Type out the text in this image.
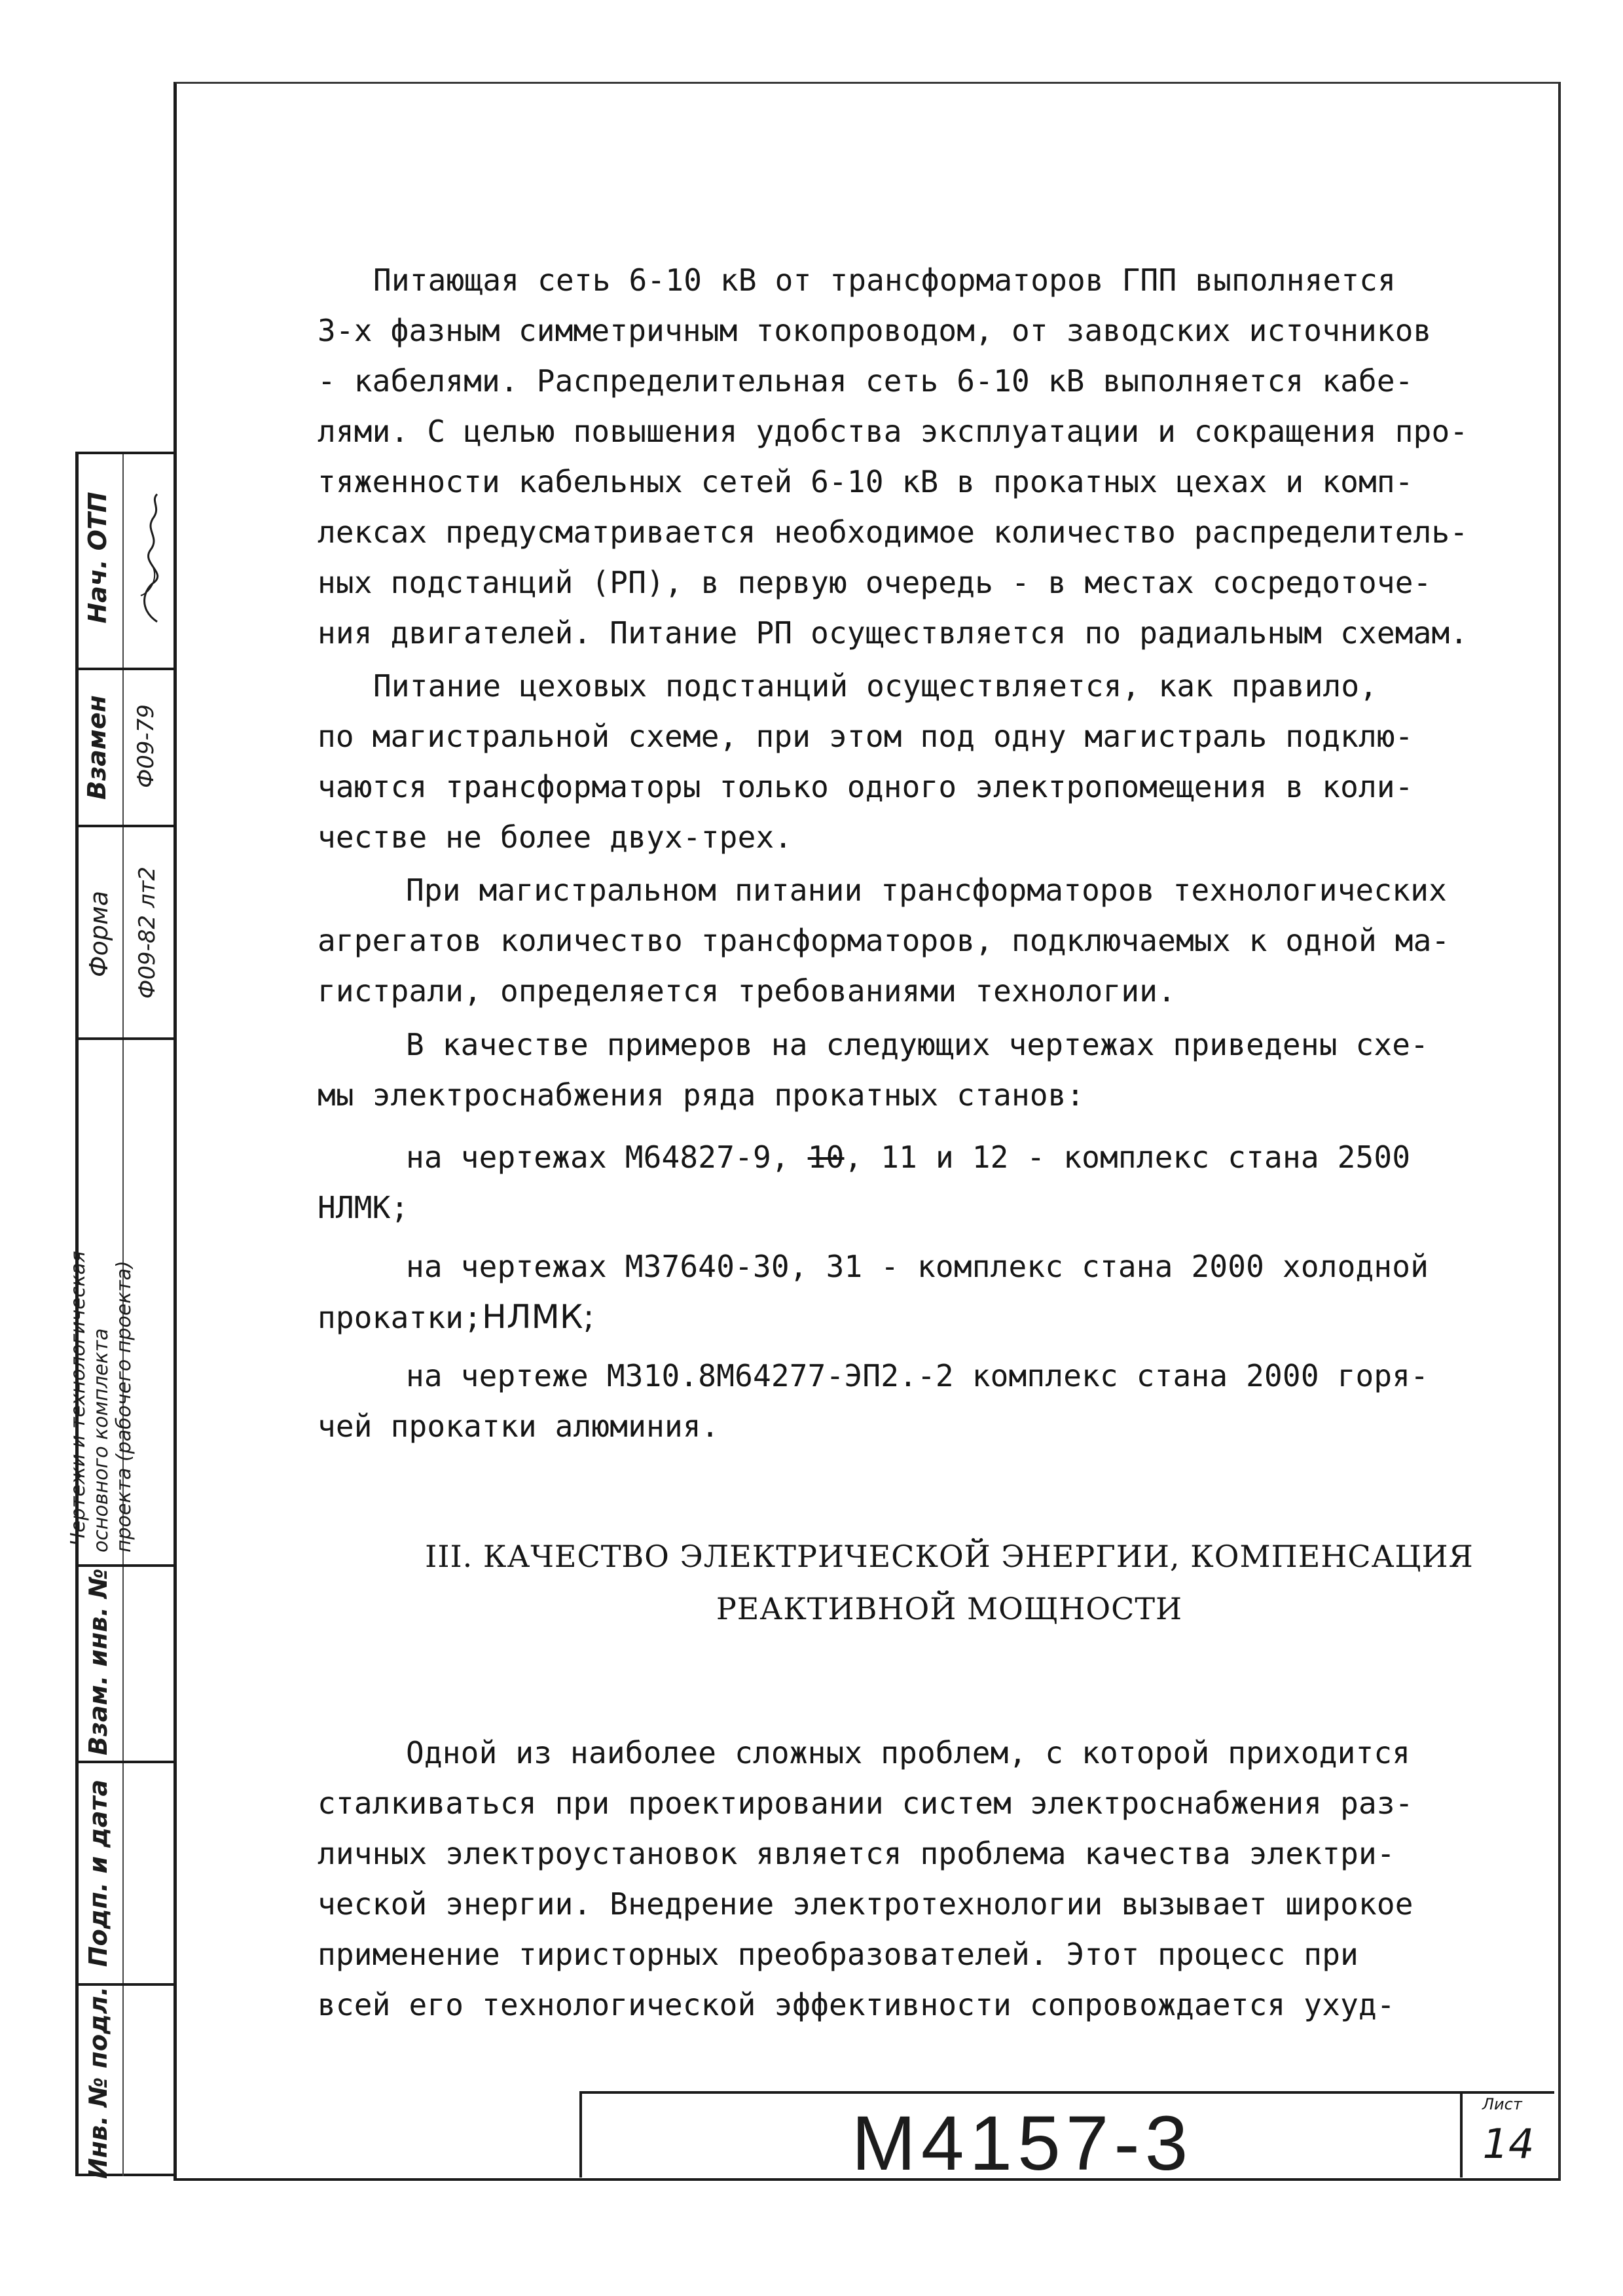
Нач. ОТП
Взамен Ф09-79
Форма Ф09-82 лт2
Чертежи и технологическая основного комплекта проекта (рабочего проекта)
Взам. инв. №
Подп. и дата
Инв. № подл.
Питающая сеть 6-10 кВ от трансформаторов ГПП выполняется
3-х фазным симметричным токопроводом, от заводских источников
- кабелями. Распределительная сеть 6-10 кВ выполняется кабе-
лями. С целью повышения удобства эксплуатации и сокращения про-
тяженности кабельных сетей 6-10 кВ в прокатных цехах и комп-
лексах предусматривается необходимое количество распределитель-
ных подстанций (РП), в первую очередь - в местах сосредоточе-
ния двигателей. Питание РП осуществляется по радиальным схемам.
Питание цеховых подстанций осуществляется, как правило,
по магистральной схеме, при этом под одну магистраль подклю-
чаются трансформаторы только одного электропомещения в коли-
честве не более двух-трех.
При магистральном питании трансформаторов технологических
агрегатов количество трансформаторов, подключаемых к одной ма-
гистрали, определяется требованиями технологии.
В качестве примеров на следующих чертежах приведены схе-
мы электроснабжения ряда прокатных станов:
на чертежах М64827-9, 10, 11 и 12 - комплекс стана 2500
НЛМК;
на чертежах М37640-30, 31 - комплекс стана 2000 холодной
прокатки;НЛМК;
на чертеже М310.8М64277-ЭП2.-2 комплекс стана 2000 горя-
чей прокатки алюминия.
III. КАЧЕСТВО ЭЛЕКТРИЧЕСКОЙ ЭНЕРГИИ, КОМПЕНСАЦИЯ
РЕАКТИВНОЙ МОЩНОСТИ
Одной из наиболее сложных проблем, с которой приходится
сталкиваться при проектировании систем электроснабжения раз-
личных электроустановок является проблема качества электри-
ческой энергии. Внедрение электротехнологии вызывает широкое
применение тиристорных преобразователей. Этот процесс при
всей его технологической эффективности сопровождается ухуд-
М4157-3	Лист
14
